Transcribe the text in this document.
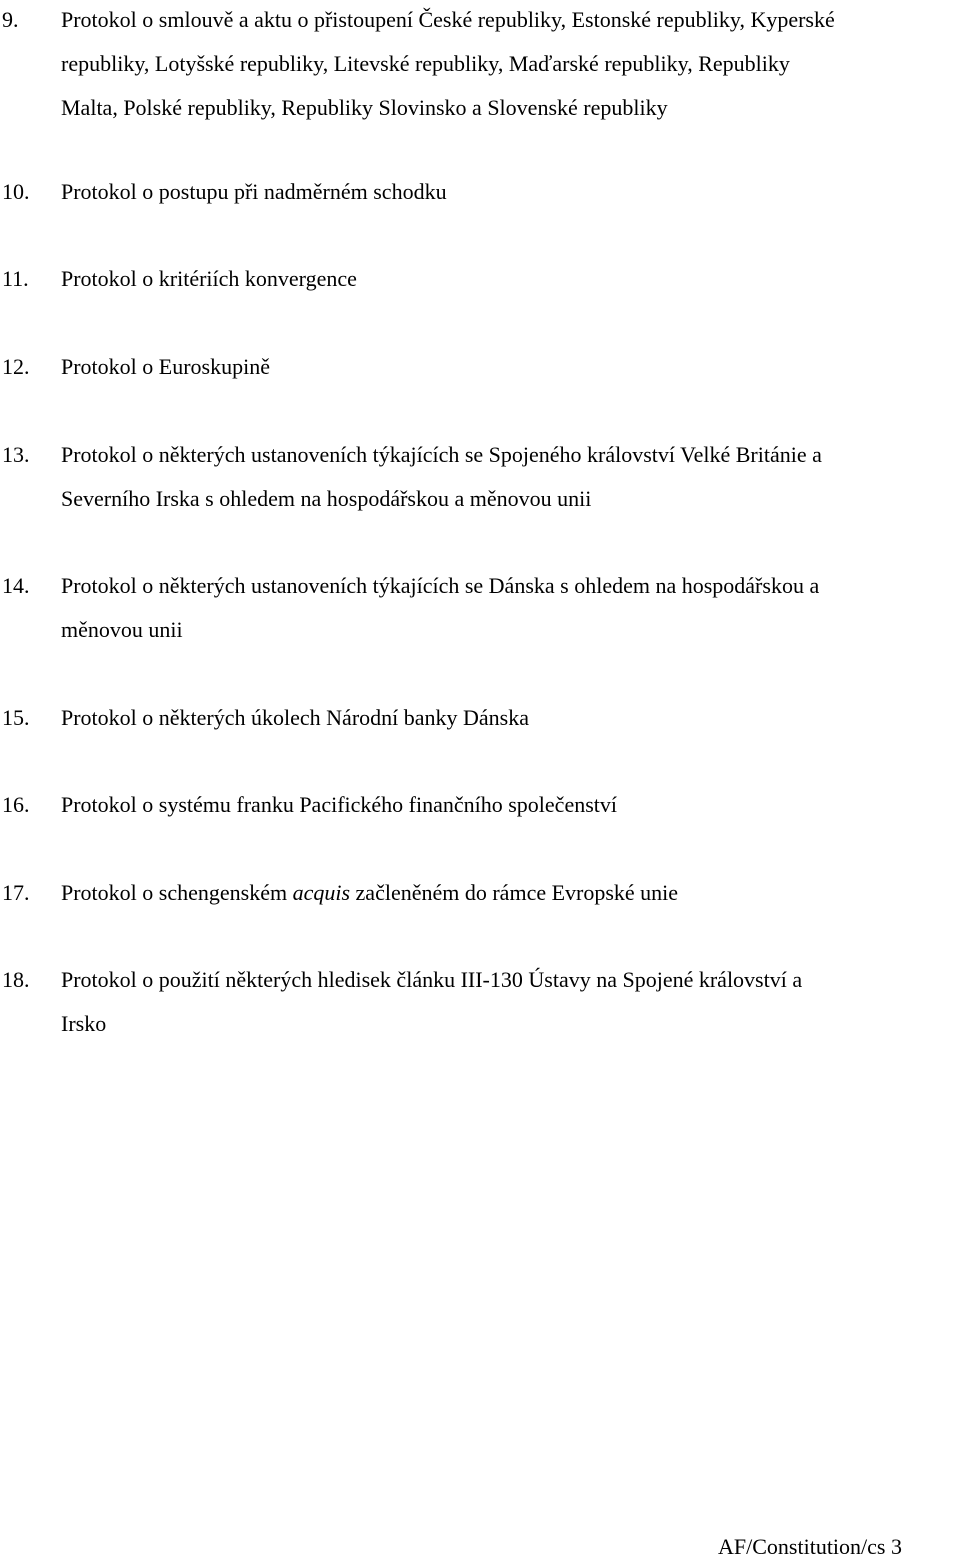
9.	Protokol o smlouvě a aktu o přistoupení České republiky, Estonské republiky, Kyperské
republiky, Lotyšské republiky, Litevské republiky, Maďarské republiky, Republiky
Malta, Polské republiky, Republiky Slovinsko a Slovenské republiky
10.	Protokol o postupu při nadměrném schodku
11.	Protokol o kritériích konvergence
12.	Protokol o Euroskupině
13.	Protokol o některých ustanoveních týkajících se Spojeného království Velké Británie a
Severního Irska s ohledem na hospodářskou a měnovou unii
14.	Protokol o některých ustanoveních týkajících se Dánska s ohledem na hospodářskou a
měnovou unii
15.	Protokol o některých úkolech Národní banky Dánska
16.	Protokol o systému franku Pacifického finančního společenství
17.	Protokol o schengenském acquis začleněném do rámce Evropské unie
18.	Protokol o použití některých hledisek článku III-130 Ústavy na Spojené království a
Irsko
AF/Constitution/cs 3
